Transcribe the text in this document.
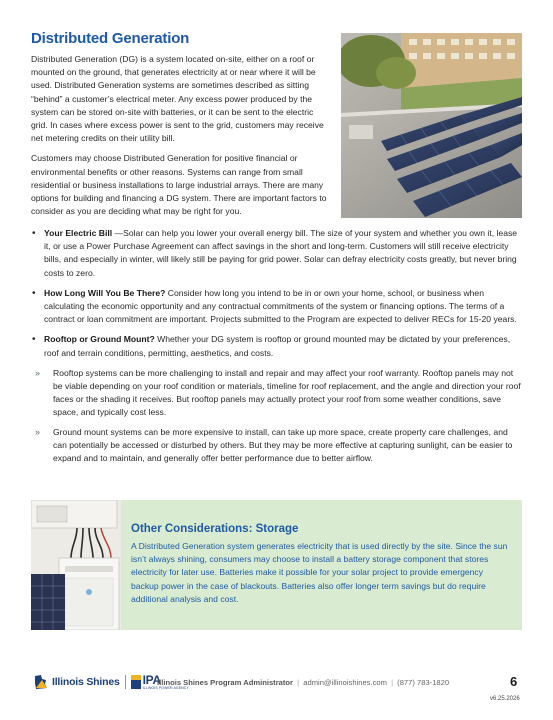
Distributed Generation

Distributed Generation (DG) is a system located on-site, either on a roof or mounted on the ground, that generates electricity at or near where it will be used. Distributed Generation systems are sometimes described as sitting “behind” a customer’s electrical meter. Any excess power produced by the system can be stored on-site with batteries, or it can be sent to the electric grid. In cases where excess power is sent to the grid, customers may receive net metering credits on their utility bill.

Customers may choose Distributed Generation for positive financial or environmental benefits or other reasons. Systems can range from small residential or business installations to large industrial arrays. There are many options for building and financing a DG system. There are important factors to consider as you are deciding what may be right for you.

• Your Electric Bill —Solar can help you lower your overall energy bill. The size of your system and whether you own it, lease it, or use a Power Purchase Agreement can affect savings in the short and long-term. Customers will still receive electricity bills, and especially in winter, will likely still be paying for grid power. Solar can defray electricity costs greatly, but never bring costs to zero.
• How Long Will You Be There? Consider how long you intend to be in or own your home, school, or business when calculating the economic opportunity and any contractual commitments of the system or financing options. The terms of a contract or loan commitment are important. Projects submitted to the Program are expected to deliver RECs for 15-20 years.
• Rooftop or Ground Mount? Whether your DG system is rooftop or ground mounted may be dictated by your preferences, roof and terrain conditions, permitting, aesthetics, and costs.
» Rooftop systems can be more challenging to install and repair and may affect your roof warranty. Rooftop panels may not be viable depending on your roof condition or materials, timeline for roof replacement, and the angle and direction your roof faces or the shading it receives. But rooftop panels may actually protect your roof from some weather conditions, save space, and typically cost less.
» Ground mount systems can be more expensive to install, can take up more space, create property care challenges, and can potentially be accessed or disturbed by others. But they may be more effective at capturing sunlight, can be easier to expand and to maintain, and generally offer better performance due to better airflow.
Other Considerations: Storage

A Distributed Generation system generates electricity that is used directly by the site. Since the sun isn’t always shining, consumers may choose to install a battery storage component that stores electricity for later use. Batteries make it possible for your solar project to provide emergency backup power in the case of blackouts. Batteries also offer longer term savings but do require additional analysis and cost.

Illinois Shines IPA
ILLINOIS POWER AGENCY
Illinois Shines Program Administrator | admin@illinoishines.com | (877) 783-1820	6
v6.25.2026
